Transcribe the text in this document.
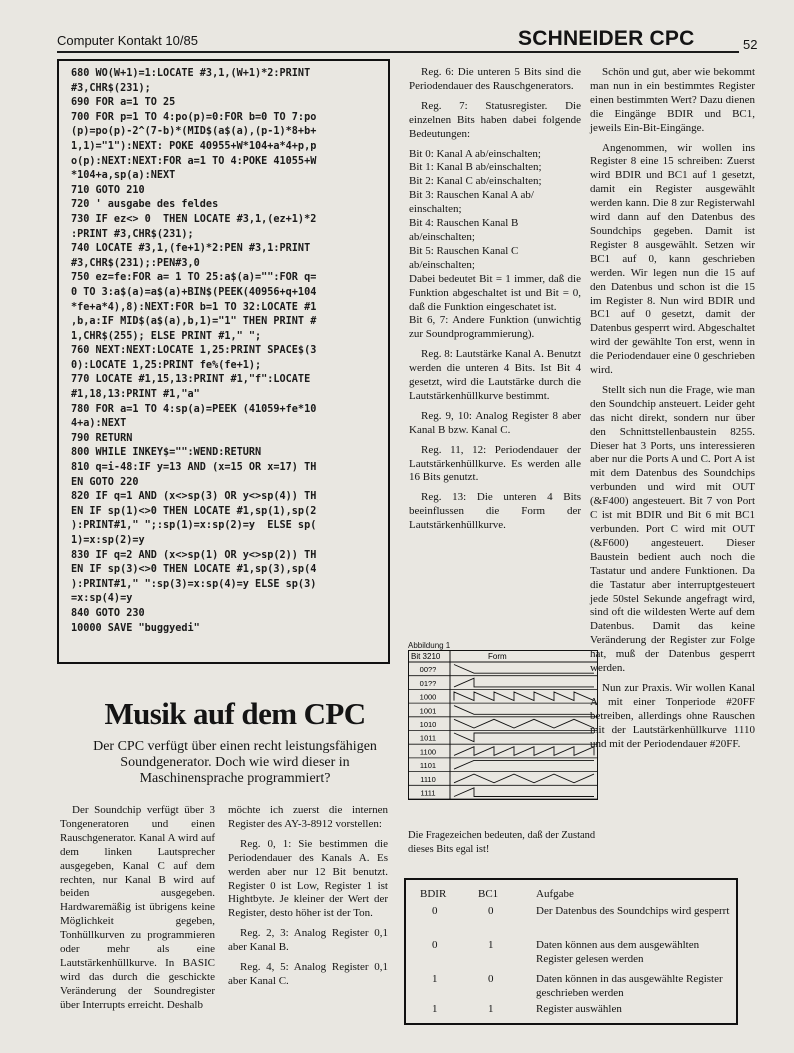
Computer Kontakt 10/85	SCHNEIDER CPC	52
680 WO(W+1)=1:LOCATE #3,1,(W+1)*2:PRINT
#3,CHR$(231);
690 FOR a=1 TO 25
700 FOR p=1 TO 4:po(p)=0:FOR b=0 TO 7:po
(p)=po(p)-2^(7-b)*(MID$(a$(a),(p-1)*8+b+
1,1)="1"):NEXT: POKE 40955+W*104+a*4+p,p
o(p):NEXT:NEXT:FOR a=1 TO 4:POKE 41055+W
*104+a,sp(a):NEXT
710 GOTO 210
720 ' ausgabe des feldes
730 IF ez<> 0  THEN LOCATE #3,1,(ez+1)*2
:PRINT #3,CHR$(231);
740 LOCATE #3,1,(fe+1)*2:PEN #3,1:PRINT
#3,CHR$(231);:PEN#3,0
750 ez=fe:FOR a= 1 TO 25:a$(a)="":FOR q=
0 TO 3:a$(a)=a$(a)+BIN$(PEEK(40956+q+104
*fe+a*4),8):NEXT:FOR b=1 TO 32:LOCATE #1
,b,a:IF MID$(a$(a),b,1)="1" THEN PRINT #
1,CHR$(255); ELSE PRINT #1," ";
760 NEXT:NEXT:LOCATE 1,25:PRINT SPACE$(3
0):LOCATE 1,25:PRINT fe%(fe+1);
770 LOCATE #1,15,13:PRINT #1,"f":LOCATE
#1,18,13:PRINT #1,"a"
780 FOR a=1 TO 4:sp(a)=PEEK (41059+fe*10
4+a):NEXT
790 RETURN
800 WHILE INKEY$="":WEND:RETURN
810 q=i-48:IF y=13 AND (x=15 OR x=17) TH
EN GOTO 220
820 IF q=1 AND (x<>sp(3) OR y<>sp(4)) TH
EN IF sp(1)<>0 THEN LOCATE #1,sp(1),sp(2
):PRINT#1," ";:sp(1)=x:sp(2)=y  ELSE sp(
1)=x:sp(2)=y
830 IF q=2 AND (x<>sp(1) OR y<>sp(2)) TH
EN IF sp(3)<>0 THEN LOCATE #1,sp(3),sp(4
):PRINT#1," ":sp(3)=x:sp(4)=y ELSE sp(3)
=x:sp(4)=y
840 GOTO 230
10000 SAVE "buggyedi"

Reg. 6: Die unteren 5 Bits sind die Periodendauer des Rauschgenerators.

Reg. 7: Statusregister. Die einzelnen Bits haben dabei folgende Bedeutungen:

Bit 0: Kanal A ab/einschalten;

Bit 1: Kanal B ab/einschalten;

Bit 2: Kanal C ab/einschalten;

Bit 3: Rauschen Kanal A ab/ einschalten;

Bit 4: Rauschen Kanal B ab/einschalten;

Bit 5: Rauschen Kanal C ab/einschalten;

Dabei bedeutet Bit = 1 immer, daß die Funktion abgeschaltet ist und Bit = 0, daß die Funktion eingeschatet ist.

Bit 6, 7: Andere Funktion (unwichtig zur Soundprogrammierung).

Reg. 8: Lautstärke Kanal A. Benutzt werden die unteren 4 Bits. Ist Bit 4 gesetzt, wird die Lautstärke durch die Lautstärkenhüllkurve bestimmt.

Reg. 9, 10: Analog Register 8 aber Kanal B bzw. Kanal C.

Reg. 11, 12: Periodendauer der Lautstärkenhüllkurve. Es werden alle 16 Bits genutzt.

Reg. 13: Die unteren 4 Bits beeinflussen die Form der Lautstärkenhüllkurve.

Schön und gut, aber wie bekommt man nun in ein bestimmtes Register einen bestimmten Wert? Dazu dienen die Eingänge BDIR und BC1, jeweils Ein-Bit-Eingänge.

Angenommen, wir wollen ins Register 8 eine 15 schreiben: Zuerst wird BDIR und BC1 auf 1 gesetzt, damit ein Register ausgewählt werden kann. Die 8 zur Registerwahl wird dann auf den Datenbus des Soundchips gegeben. Damit ist Register 8 ausgewählt. Setzen wir BC1 auf 0, kann geschrieben werden. Wir legen nun die 15 auf den Datenbus und schon ist die 15 im Register 8. Nun wird BDIR und BC1 auf 0 gesetzt, damit der Datenbus gesperrt wird. Abgeschaltet wird der gewählte Ton erst, wenn in die Periodendauer eine 0 geschrieben wird.

Stellt sich nun die Frage, wie man den Soundchip ansteuert. Leider geht das nicht direkt, sondern nur über den Schnittstellenbaustein 8255. Dieser hat 3 Ports, uns interessieren aber nur die Ports A und C. Port A ist mit dem Datenbus des Soundchips verbunden und wird mit OUT (&F400) angesteuert. Bit 7 von Port C ist mit BDIR und Bit 6 mit BC1 verbunden. Port C wird mit OUT (&F600) angesteuert. Dieser Baustein bedient auch noch die Tastatur und andere Funktionen. Da die Tastatur aber interruptgesteuert jede 50stel Sekunde angefragt wird, sind oft die wildesten Werte auf dem Datenbus. Damit das keine Veränderung der Register zur Folge hat, muß der Datenbus gesperrt werden.

Nun zur Praxis. Wir wollen Kanal A mit einer Tonperiode #20FF betreiben, allerdings ohne Rauschen mit der Lautstärkenhüllkurve 1110 und mit der Periodendauer #20FF.

Abbildung 1
Bit 3210	Form
00??
01??
1000
1001
1010
1011
1100
1101
1110
1111
Die Fragezeichen bedeuten, daß der Zustand dieses Bits egal ist!
Musik auf dem CPC
Der CPC verfügt über einen recht leistungsfähigen Soundgenerator. Doch wie wird dieser in Maschinensprache programmiert?

Der Soundchip verfügt über 3 Tongeneratoren und einen Rauschgenerator. Kanal A wird auf dem linken Lautsprecher ausgegeben, Kanal C auf dem rechten, nur Kanal B wird auf beiden ausgegeben. Hardwaremäßig ist übrigens keine Möglichkeit gegeben, Tonhüllkurven zu programmieren oder mehr als eine Lautstärkenhüllkurve. In BASIC wird das durch die geschickte Veränderung der Soundregister über Interrupts erreicht. Deshalb

möchte ich zuerst die internen Register des AY-3-8912 vorstellen:

Reg. 0, 1: Sie bestimmen die Periodendauer des Kanals A. Es werden aber nur 12 Bit benutzt. Register 0 ist Low, Register 1 ist Hightbyte. Je kleiner der Wert der Register, desto höher ist der Ton.

Reg. 2, 3: Analog Register 0,1 aber Kanal B.

Reg. 4, 5: Analog Register 0,1 aber Kanal C.

BDIR	BC1	Aufgabe
0	0	Der Datenbus des Soundchips wird gesperrt
0	1	Daten können aus dem ausgewählten Register gelesen werden
1	0	Daten können in das ausgewählte Register geschrieben werden
1	1	Register auswählen
